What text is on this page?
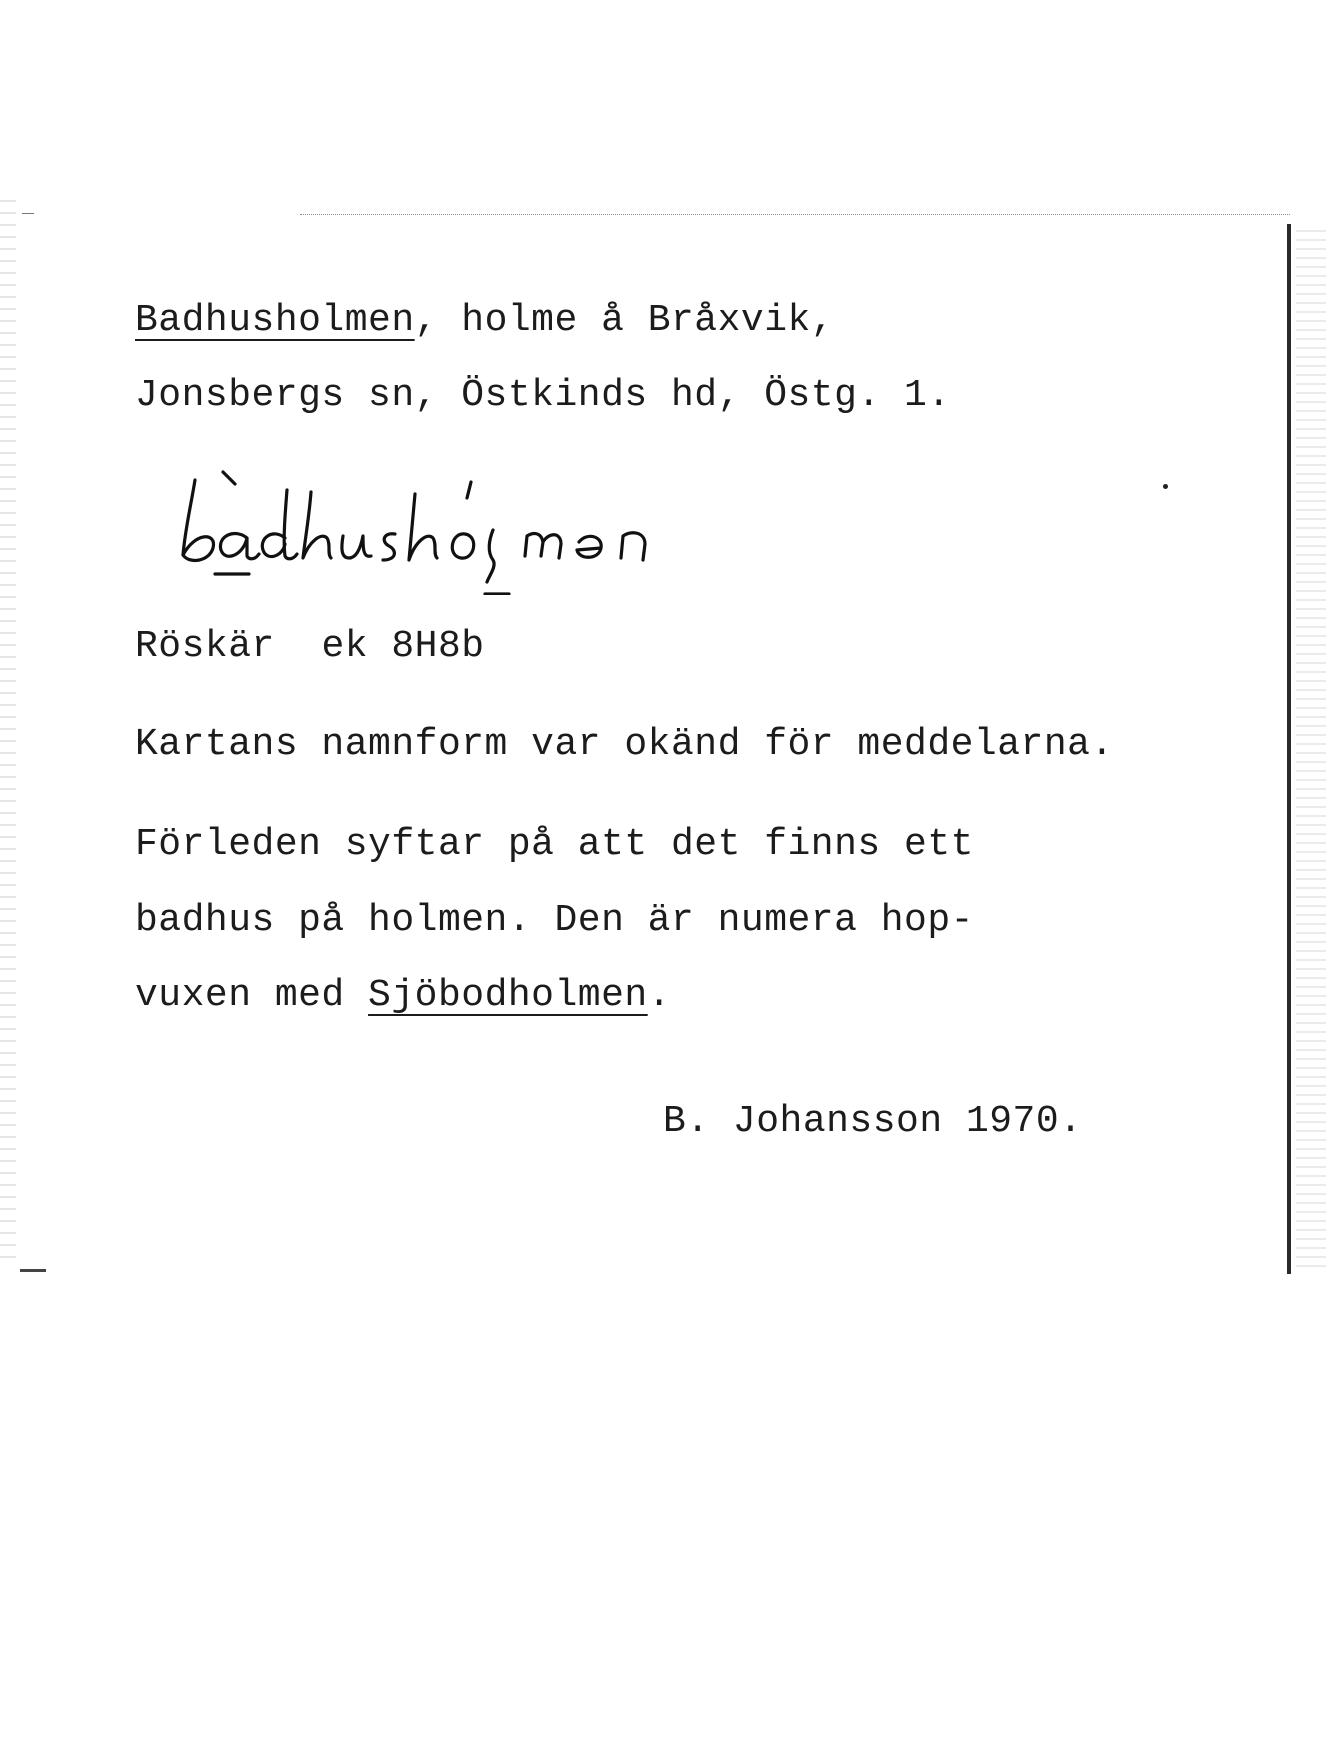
Badhusholmen, holme å Bråxvik,

Jonsbergs sn, Östkinds hd, Östg. 1.

Röskär ek 8H8b

Kartans namnform var okänd för meddelarna.

Förleden syftar på att det finns ett

badhus på holmen. Den är numera hop-

vuxen med Sjöbodholmen.

B. Johansson 1970.
